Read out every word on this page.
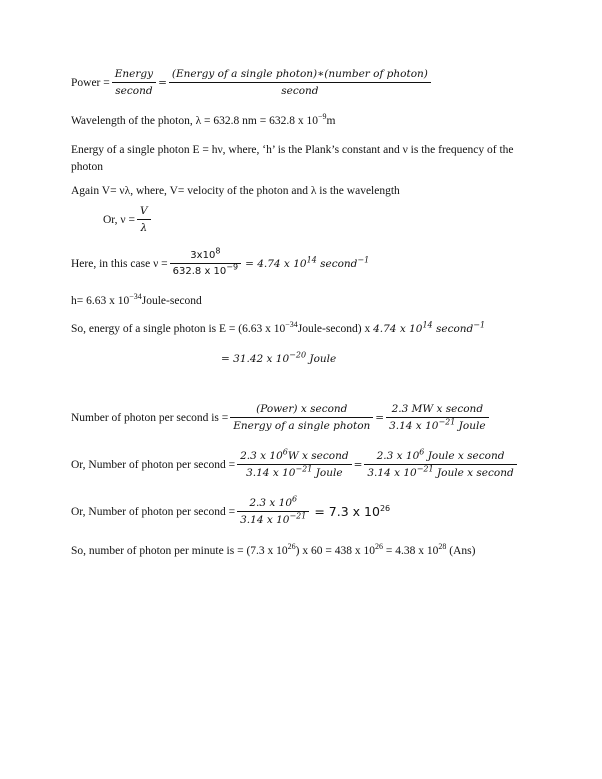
Power = $\frac{\text{Energy}}{\text{second}} = \frac{\text{(Energy of a single photon)∗(number of photon)}}{\text{second}}$
Wavelength of the photon, λ = 632.8 nm = 632.8 x $10^{-9}m$
Energy of a single photon E = hν, where, ‘h’ is the Plank’s constant and ν is the frequency of the photon
Again V= νλ, where, V= velocity of the photon and λ is the wavelength
Or, $\nu = \frac{V}{\lambda}$
Here, in this case $\nu = \frac{3x10^8}{632.8 x 10^{-9}} = 4.74$ x $10^{14}$ second$^{-1}$
h= 6.63 x $10^{-34}Joule$-second
So, energy of a single photon is E = (6.63 x $10^{-34}Joule-second$) x 4.74 x $10^{14}$ second$^{-1}$
= 31.42 x $10^{-20}$ Joule
Number of photon per second is = $\frac{\text{(Power) x second}}{\text{Energy of a single photon}} = \frac{\text{2.3 MW x second}}{3.14 x 10^{-21} Joule}$
Or, Number of photon per second = $\frac{2.3 x 10^6W x second}{3.14 x 10^{-21} Joule} = \frac{2.3 x 10^6 Joule x second}{3.14 x 10^{-21} Joule x second}$
Or, Number of photon per second = $\frac{2.3 x 10^6}{3.14 x 10^{-21}} = 7.3$ x $10^{26}$
So, number of photon per minute is = (7.3 x $10^{26}$) x 60 = 438 x $10^{26} = 4.38$ x $10^{28}$ (Ans)
